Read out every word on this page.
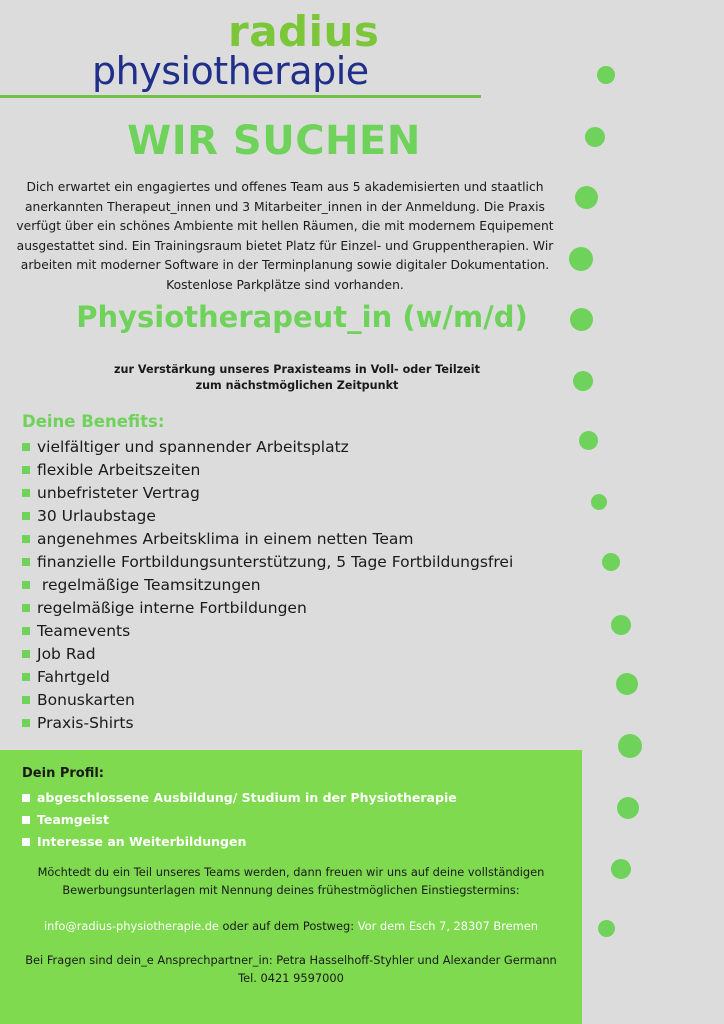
radius
physiotherapie
WIR SUCHEN
Dich erwartet ein engagiertes und offenes Team aus 5 akademisierten und staatlich anerkannten Therapeut_innen und 3 Mitarbeiter_innen in der Anmeldung. Die Praxis verfügt über ein schönes Ambiente mit hellen Räumen, die mit modernem Equipement ausgestattet sind. Ein Trainingsraum bietet Platz für Einzel- und Gruppentherapien. Wir arbeiten mit moderner Software in der Terminplanung sowie digitaler Dokumentation. Kostenlose Parkplätze sind vorhanden.
Physiotherapeut_in (w/m/d)
zur Verstärkung unseres Praxisteams in Voll- oder Teilzeit
zum nächstmöglichen Zeitpunkt
Deine Benefits:
vielfältiger und spannender Arbeitsplatz
flexible Arbeitszeiten
unbefristeter Vertrag
30 Urlaubstage
angenehmes Arbeitsklima in einem netten Team
finanzielle Fortbildungsunterstützung, 5 Tage Fortbildungsfrei
regelmäßige Teamsitzungen
regelmäßige interne Fortbildungen
Teamevents
Job Rad
Fahrtgeld
Bonuskarten
Praxis-Shirts
Dein Profil:
abgeschlossene Ausbildung/ Studium in der Physiotherapie
Teamgeist
Interesse an Weiterbildungen
Möchtedt du ein Teil unseres Teams werden, dann freuen wir uns auf deine vollständigen
Bewerbungsunterlagen mit Nennung deines frühestmöglichen Einstiegstermins:
info@radius-physiotherapie.de oder auf dem Postweg: Vor dem Esch 7, 28307 Bremen
Bei Fragen sind dein_e Ansprechpartner_in: Petra Hasselhoff-Styhler und Alexander Germann
Tel. 0421 9597000
